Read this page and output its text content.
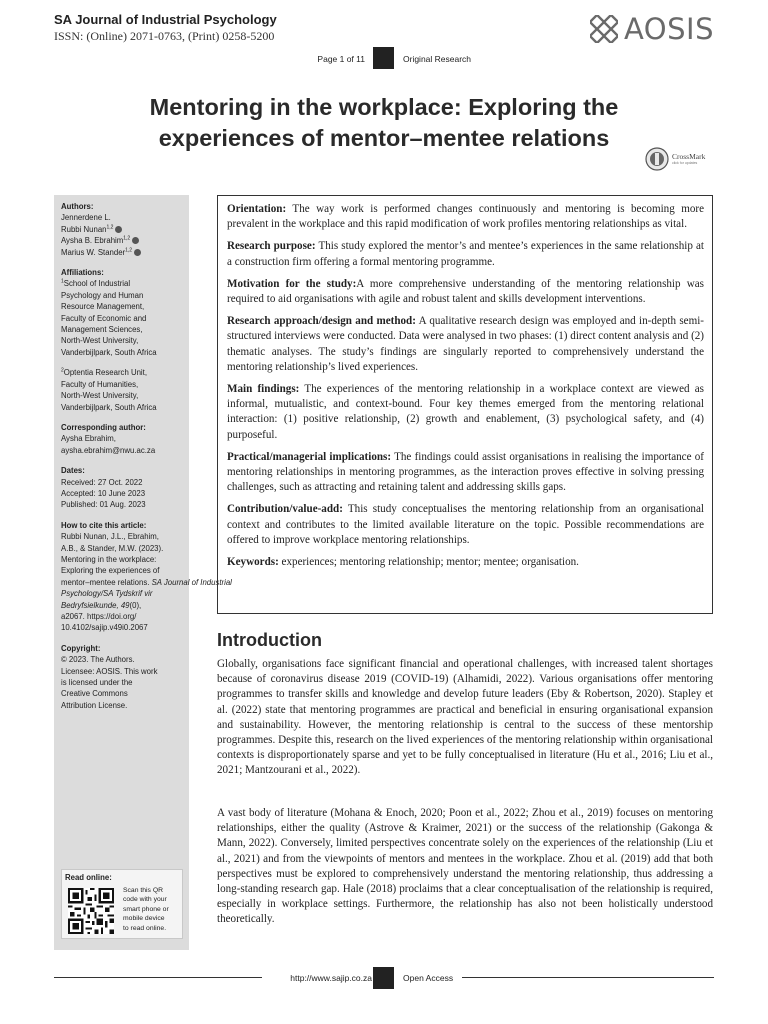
SA Journal of Industrial Psychology
ISSN: (Online) 2071-0763, (Print) 0258-5200	AOSIS
Page 1 of 11	Original Research
Mentoring in the workplace: Exploring the
experiences of mentor–mentee relations
CrossMark
click for updates
Authors:
Jennerdene L.
Rubbi Nunan$^{1,2}$
Aysha B. Ebrahim$^{1,2}$
Marius W. Stander$^{1,2}$
Affiliations:
$^1$School of Industrial
Psychology and Human
Resource Management,
Faculty of Economic and
Management Sciences,
North-West University,
Vanderbijlpark, South Africa
$^2$Optentia Research Unit,
Faculty of Humanities,
North-West University,
Vanderbijlpark, South Africa
Corresponding author:
Aysha Ebrahim,
aysha.ebrahim@nwu.ac.za
Dates:
Received: 27 Oct. 2022
Accepted: 10 June 2023
Published: 01 Aug. 2023
How to cite this article:
Rubbi Nunan, J.L., Ebrahim,
A.B., & Stander, M.W. (2023).
Mentoring in the workplace:
Exploring the experiences of
mentor–mentee relations. SA Journal of Industrial
Psychology/SA Tydskrif vir
Bedryfsielkunde, 49(0),
a2067. https://doi.org/
10.4102/sajip.v49i0.2067
Copyright:
© 2023. The Authors.
Licensee: AOSIS. This work
is licensed under the
Creative Commons
Attribution License.
Read online:
Scan this QR
code with your
smart phone or
mobile device
to read online.

Orientation: The way work is performed changes continuously and mentoring is becoming more prevalent in the workplace and this rapid modification of work profiles mentoring relationships as vital.

Research purpose: This study explored the mentor’s and mentee’s experiences in the same relationship at a construction firm offering a formal mentoring programme.

Motivation for the study:A more comprehensive understanding of the mentoring relationship was required to aid organisations with agile and robust talent and skills development interventions.

Research approach/design and method: A qualitative research design was employed and in-depth semi-structured interviews were conducted. Data were analysed in two phases: (1) direct content analysis and (2) thematic analyses. The study’s findings are singularly reported to comprehensively understand the mentoring relationship’s lived experiences.

Main findings: The experiences of the mentoring relationship in a workplace context are viewed as informal, mutualistic, and context-bound. Four key themes emerged from the mentoring relational interaction: (1) positive relationship, (2) growth and enablement, (3) psychological safety, and (4) purposeful.

Practical/managerial implications: The findings could assist organisations in realising the importance of mentoring relationships in mentoring programmes, as the interaction proves effective in solving pressing challenges, such as attracting and retaining talent and addressing skills gaps.

Contribution/value-add: This study conceptualises the mentoring relationship from an organisational context and contributes to the limited available literature on the topic. Possible recommendations are offered to improve workplace mentoring relationships.

Keywords: experiences; mentoring relationship; mentor; mentee; organisation.

Introduction

Globally, organisations face significant financial and operational challenges, with increased talent shortages because of coronavirus disease 2019 (COVID-19) (Alhamidi, 2022). Various organisations offer mentoring programmes to transfer skills and knowledge and develop future leaders (Eby & Robertson, 2020). Stapley et al. (2022) state that mentoring programmes are practical and beneficial in ensuring organisational expansion and sustainability. However, the mentoring relationship is central to the success of these mentorship programmes. Despite this, research on the lived experiences of the mentoring relationship within organisational contexts is disproportionately sparse and yet to be fully conceptualised in literature (Hu et al., 2016; Liu et al., 2021; Mantzourani et al., 2022).

A vast body of literature (Mohana & Enoch, 2020; Poon et al., 2022; Zhou et al., 2019) focuses on mentoring relationships, either the quality (Astrove & Kraimer, 2021) or the success of the relationship (Gakonga & Mann, 2022). Conversely, limited perspectives concentrate solely on the experiences of the relationship (Liu et al., 2021) and from the viewpoints of mentors and mentees in the workplace. Zhou et al. (2019) add that both perspectives must be explored to comprehensively understand the mentoring relationship, thus addressing a long-standing research gap. Hale (2018) proclaims that a clear conceptualisation of the relationship is required, especially in workplace settings. Furthermore, the relationship has also not been holistically understood theoretically.

http://www.sajip.co.za	Open Access
